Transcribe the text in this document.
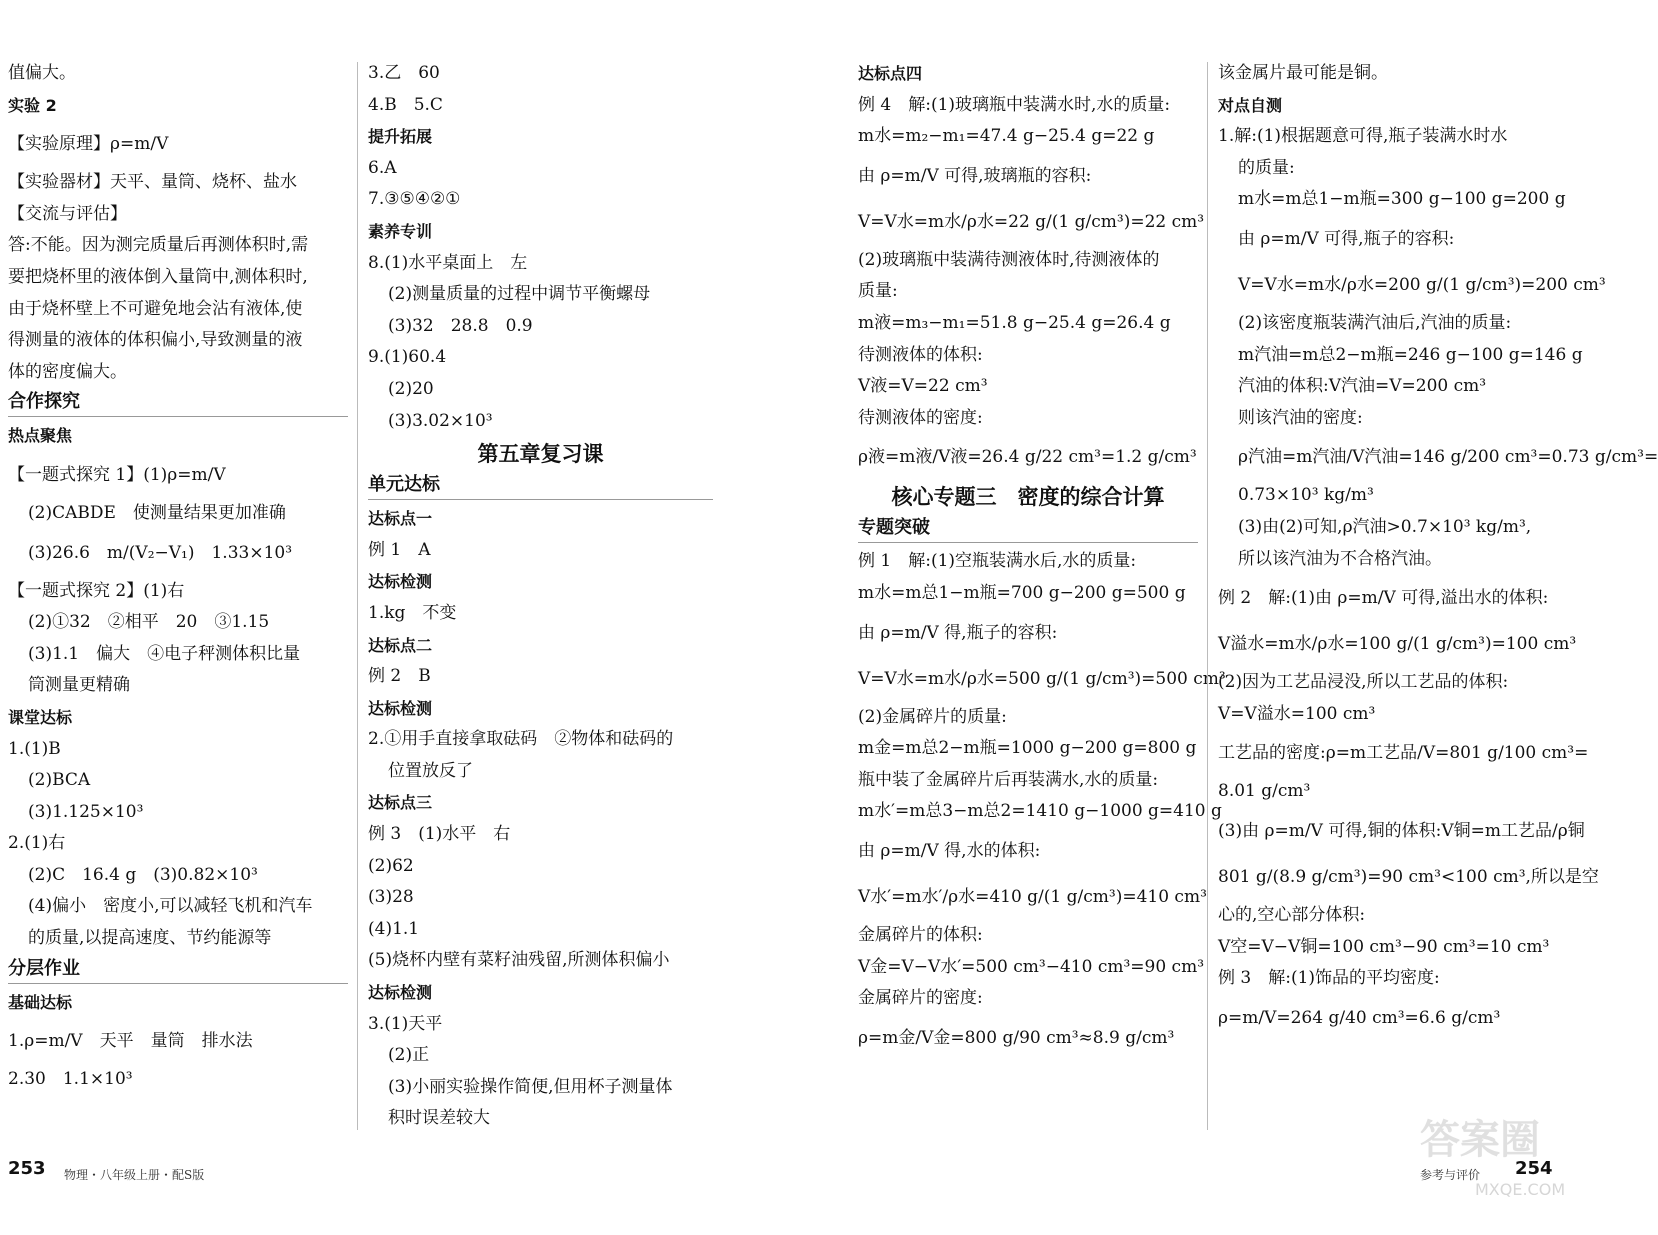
值偏大。
实验 2
【实验原理】ρ=m/V
【实验器材】天平、量筒、烧杯、盐水
【交流与评估】
答:不能。因为测完质量后再测体积时,需
要把烧杯里的液体倒入量筒中,测体积时,
由于烧杯壁上不可避免地会沾有液体,使
得测量的液体的体积偏小,导致测量的液
体的密度偏大。
合作探究
热点聚焦
【一题式探究 1】(1)ρ=m/V
(2)CABDE　使测量结果更加准确
(3)26.6　m/(V₂−V₁)　1.33×10³
【一题式探究 2】(1)右
(2)①32　②相平　20　③1.15
(3)1.1　偏大　④电子秤测体积比量
筒测量更精确
课堂达标
1.(1)B
(2)BCA
(3)1.125×10³
2.(1)右
(2)C　16.4 g　(3)0.82×10³
(4)偏小　密度小,可以减轻飞机和汽车
的质量,以提高速度、节约能源等
分层作业
基础达标
1.ρ=m/V　天平　量筒　排水法
2.30　1.1×10³
3.乙　60
4.B　5.C
提升拓展
6.A
7.③⑤④②①
素养专训
8.(1)水平桌面上　左
(2)测量质量的过程中调节平衡螺母
(3)32　28.8　0.9
9.(1)60.4
(2)20
(3)3.02×10³
第五章复习课
单元达标
达标点一
例 1　A
达标检测
1.kg　不变
达标点二
例 2　B
达标检测
2.①用手直接拿取砝码　②物体和砝码的
位置放反了
达标点三
例 3　(1)水平　右
(2)62
(3)28
(4)1.1
(5)烧杯内壁有菜籽油残留,所测体积偏小
达标检测
3.(1)天平
(2)正
(3)小丽实验操作简便,但用杯子测量体
积时误差较大
达标点四
例 4　解:(1)玻璃瓶中装满水时,水的质量:
m水=m₂−m₁=47.4 g−25.4 g=22 g
由 ρ=m/V 可得,玻璃瓶的容积:
V=V水=m水/ρ水=22 g/(1 g/cm³)=22 cm³
(2)玻璃瓶中装满待测液体时,待测液体的
质量:
m液=m₃−m₁=51.8 g−25.4 g=26.4 g
待测液体的体积:
V液=V=22 cm³
待测液体的密度:
ρ液=m液/V液=26.4 g/22 cm³=1.2 g/cm³
核心专题三　密度的综合计算
专题突破
例 1　解:(1)空瓶装满水后,水的质量:
m水=m总1−m瓶=700 g−200 g=500 g
由 ρ=m/V 得,瓶子的容积:
V=V水=m水/ρ水=500 g/(1 g/cm³)=500 cm³
(2)金属碎片的质量:
m金=m总2−m瓶=1000 g−200 g=800 g
瓶中装了金属碎片后再装满水,水的质量:
m水′=m总3−m总2=1410 g−1000 g=410 g
由 ρ=m/V 得,水的体积:
V水′=m水′/ρ水=410 g/(1 g/cm³)=410 cm³
金属碎片的体积:
V金=V−V水′=500 cm³−410 cm³=90 cm³
金属碎片的密度:
ρ=m金/V金=800 g/90 cm³≈8.9 g/cm³
该金属片最可能是铜。
对点自测
1.解:(1)根据题意可得,瓶子装满水时水
的质量:
m水=m总1−m瓶=300 g−100 g=200 g
由 ρ=m/V 可得,瓶子的容积:
V=V水=m水/ρ水=200 g/(1 g/cm³)=200 cm³
(2)该密度瓶装满汽油后,汽油的质量:
m汽油=m总2−m瓶=246 g−100 g=146 g
汽油的体积:V汽油=V=200 cm³
则该汽油的密度:
ρ汽油=m汽油/V汽油=146 g/200 cm³=0.73 g/cm³=
0.73×10³ kg/m³
(3)由(2)可知,ρ汽油>0.7×10³ kg/m³,
所以该汽油为不合格汽油。
例 2　解:(1)由 ρ=m/V 可得,溢出水的体积:
V溢水=m水/ρ水=100 g/(1 g/cm³)=100 cm³
(2)因为工艺品浸没,所以工艺品的体积:
V=V溢水=100 cm³
工艺品的密度:ρ=m工艺品/V=801 g/100 cm³=
8.01 g/cm³
(3)由 ρ=m/V 可得,铜的体积:V铜=m工艺品/ρ铜
801 g/(8.9 g/cm³)=90 cm³<100 cm³,所以是空
心的,空心部分体积:
V空=V−V铜=100 cm³−90 cm³=10 cm³
例 3　解:(1)饰品的平均密度:
ρ=m/V=264 g/40 cm³=6.6 g/cm³
253 物理・八年级上册・配S版	参考与评价 254
答案圈
MXQE.COM
